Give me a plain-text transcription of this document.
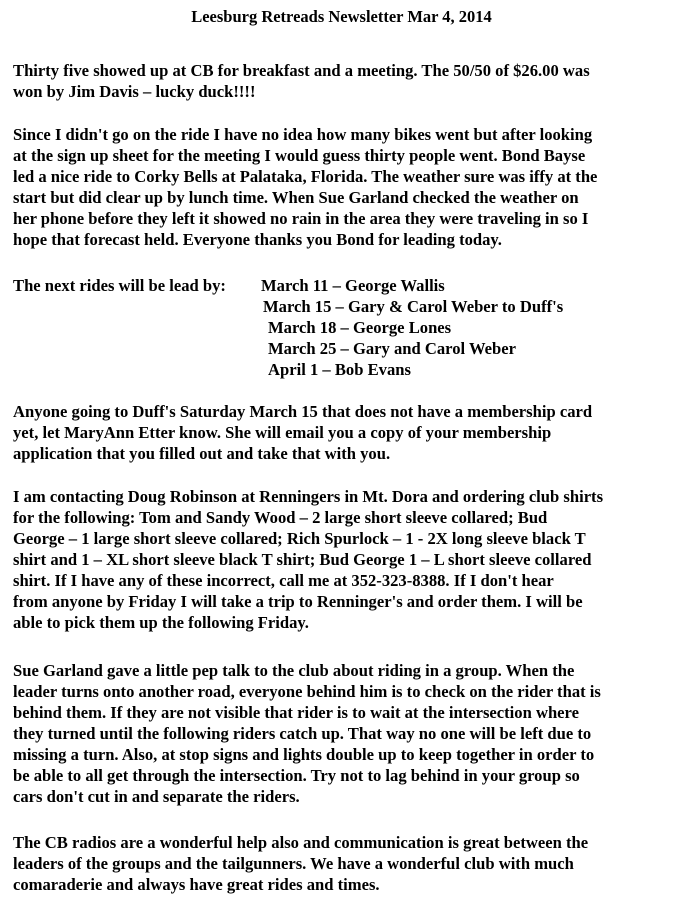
Leesburg Retreads Newsletter Mar 4, 2014

Thirty five showed up at CB for breakfast and a meeting. The 50/50 of $26.00 was
won by Jim Davis – lucky duck!!!!

Since I didn't go on the ride I have no idea how many bikes went but after looking
at the sign up sheet for the meeting I would guess thirty people went. Bond Bayse
led a nice ride to Corky Bells at Palataka, Florida. The weather sure was iffy at the
start but did clear up by lunch time. When Sue Garland checked the weather on
her phone before they left it showed no rain in the area they were traveling in so I
hope that forecast held. Everyone thanks you Bond for leading today.

The next rides will be lead by: March 11 – George Wallis
March 15 – Gary & Carol Weber to Duff's
March 18 – George Lones
March 25 – Gary and Carol Weber
April 1 – Bob Evans

Anyone going to Duff's Saturday March 15 that does not have a membership card
yet, let MaryAnn Etter know. She will email you a copy of your membership
application that you filled out and take that with you.

I am contacting Doug Robinson at Renningers in Mt. Dora and ordering club shirts
for the following: Tom and Sandy Wood – 2 large short sleeve collared; Bud
George – 1 large short sleeve collared; Rich Spurlock – 1 - 2X long sleeve black T
shirt and 1 – XL short sleeve black T shirt; Bud George 1 – L short sleeve collared
shirt. If I have any of these incorrect, call me at 352-323-8388. If I don't hear
from anyone by Friday I will take a trip to Renninger's and order them. I will be
able to pick them up the following Friday.

Sue Garland gave a little pep talk to the club about riding in a group. When the
leader turns onto another road, everyone behind him is to check on the rider that is
behind them. If they are not visible that rider is to wait at the intersection where
they turned until the following riders catch up. That way no one will be left due to
missing a turn. Also, at stop signs and lights double up to keep together in order to
be able to all get through the intersection. Try not to lag behind in your group so
cars don't cut in and separate the riders.

The CB radios are a wonderful help also and communication is great between the
leaders of the groups and the tailgunners. We have a wonderful club with much
comaraderie and always have great rides and times.
